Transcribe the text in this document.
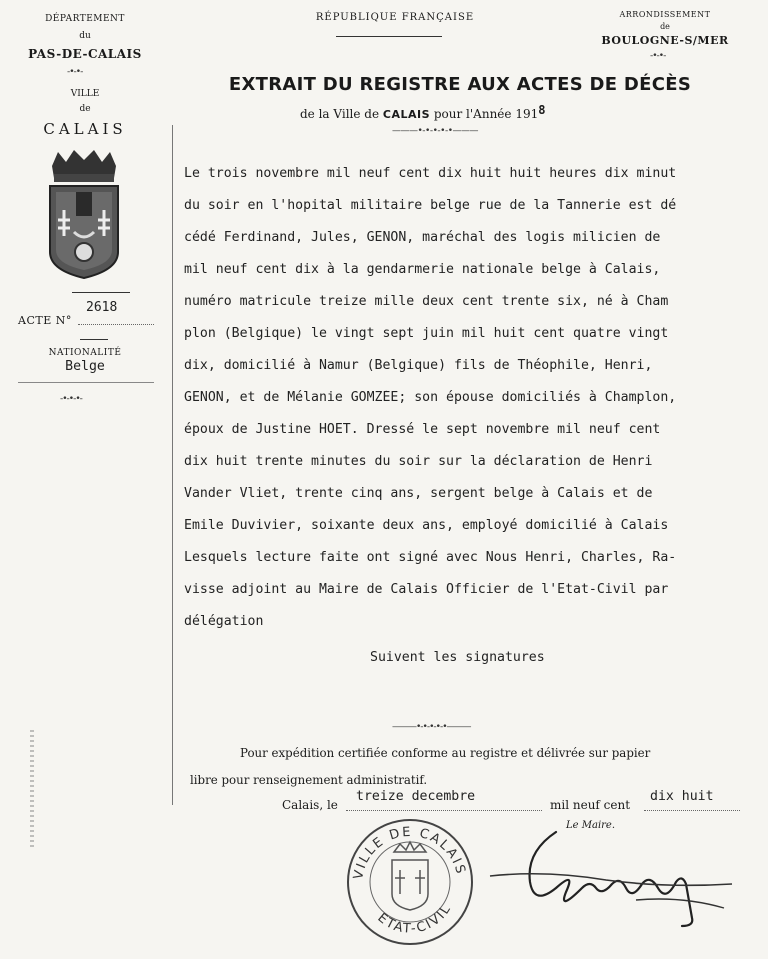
DÉPARTEMENT
du
PAS-DE-CALAIS
-•-•-
VILLE
de
CALAIS
ACTE N°
2618
NATIONALITÉ
Belge
-•-•-•-
RÉPUBLIQUE FRANÇAISE	ARRONDISSEMENT
de
BOULOGNE-S/MER
-•-•-
EXTRAIT DU REGISTRE AUX ACTES DE DÉCÈS
de la Ville de CALAIS pour l'Année 1918
———•-•-•-•-•———
Le trois novembre mil neuf cent dix huit huit heures dix minut
du soir en l'hopital militaire belge rue de la Tannerie est dé
cédé Ferdinand, Jules, GENON, maréchal des logis milicien de
mil neuf cent dix à la gendarmerie nationale belge à Calais,
numéro matricule treize mille deux cent trente six, né à Cham
plon (Belgique) le vingt sept juin mil huit cent quatre vingt
dix, domicilié à Namur (Belgique) fils de Théophile, Henri,
GENON, et de Mélanie GOMZÉE; son épouse domiciliés à Champlon,
époux de Justine HOET. Dressé le sept novembre mil neuf cent
dix huit trente minutes du soir sur la déclaration de Henri
Vander Vliet, trente cinq ans, sergent belge à Calais et de
Emile Duvivier, soixante deux ans, employé domicilié à Calais
Lesquels lecture faite ont signé avec Nous Henri, Charles, Ra-
visse adjoint au Maire de Calais Officier de l'Etat-Civil par
délégation
Suivent les signatures
———•-•-•-•-•———
Pour expédition certifiée conforme au registre et délivrée sur papier
libre pour renseignement administratif.
Calais, le
treize decembre
mil neuf cent
dix huit
Le Maire.
VILLE DE CALAIS
ETAT-CIVIL
